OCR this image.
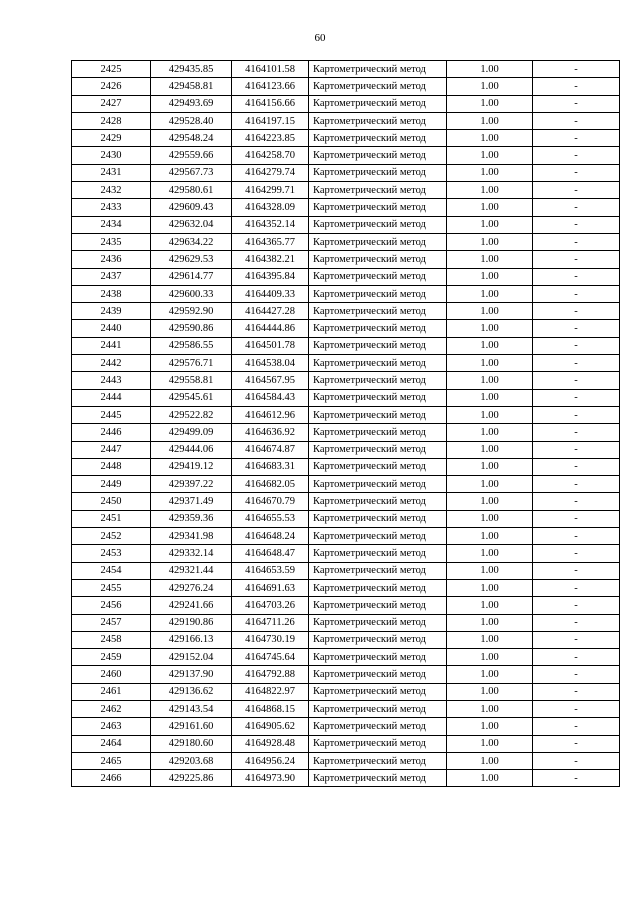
60
2425	429435.85	4164101.58	Картометрический метод	1.00	-
2426	429458.81	4164123.66	Картометрический метод	1.00	-
2427	429493.69	4164156.66	Картометрический метод	1.00	-
2428	429528.40	4164197.15	Картометрический метод	1.00	-
2429	429548.24	4164223.85	Картометрический метод	1.00	-
2430	429559.66	4164258.70	Картометрический метод	1.00	-
2431	429567.73	4164279.74	Картометрический метод	1.00	-
2432	429580.61	4164299.71	Картометрический метод	1.00	-
2433	429609.43	4164328.09	Картометрический метод	1.00	-
2434	429632.04	4164352.14	Картометрический метод	1.00	-
2435	429634.22	4164365.77	Картометрический метод	1.00	-
2436	429629.53	4164382.21	Картометрический метод	1.00	-
2437	429614.77	4164395.84	Картометрический метод	1.00	-
2438	429600.33	4164409.33	Картометрический метод	1.00	-
2439	429592.90	4164427.28	Картометрический метод	1.00	-
2440	429590.86	4164444.86	Картометрический метод	1.00	-
2441	429586.55	4164501.78	Картометрический метод	1.00	-
2442	429576.71	4164538.04	Картометрический метод	1.00	-
2443	429558.81	4164567.95	Картометрический метод	1.00	-
2444	429545.61	4164584.43	Картометрический метод	1.00	-
2445	429522.82	4164612.96	Картометрический метод	1.00	-
2446	429499.09	4164636.92	Картометрический метод	1.00	-
2447	429444.06	4164674.87	Картометрический метод	1.00	-
2448	429419.12	4164683.31	Картометрический метод	1.00	-
2449	429397.22	4164682.05	Картометрический метод	1.00	-
2450	429371.49	4164670.79	Картометрический метод	1.00	-
2451	429359.36	4164655.53	Картометрический метод	1.00	-
2452	429341.98	4164648.24	Картометрический метод	1.00	-
2453	429332.14	4164648.47	Картометрический метод	1.00	-
2454	429321.44	4164653.59	Картометрический метод	1.00	-
2455	429276.24	4164691.63	Картометрический метод	1.00	-
2456	429241.66	4164703.26	Картометрический метод	1.00	-
2457	429190.86	4164711.26	Картометрический метод	1.00	-
2458	429166.13	4164730.19	Картометрический метод	1.00	-
2459	429152.04	4164745.64	Картометрический метод	1.00	-
2460	429137.90	4164792.88	Картометрический метод	1.00	-
2461	429136.62	4164822.97	Картометрический метод	1.00	-
2462	429143.54	4164868.15	Картометрический метод	1.00	-
2463	429161.60	4164905.62	Картометрический метод	1.00	-
2464	429180.60	4164928.48	Картометрический метод	1.00	-
2465	429203.68	4164956.24	Картометрический метод	1.00	-
2466	429225.86	4164973.90	Картометрический метод	1.00	-
